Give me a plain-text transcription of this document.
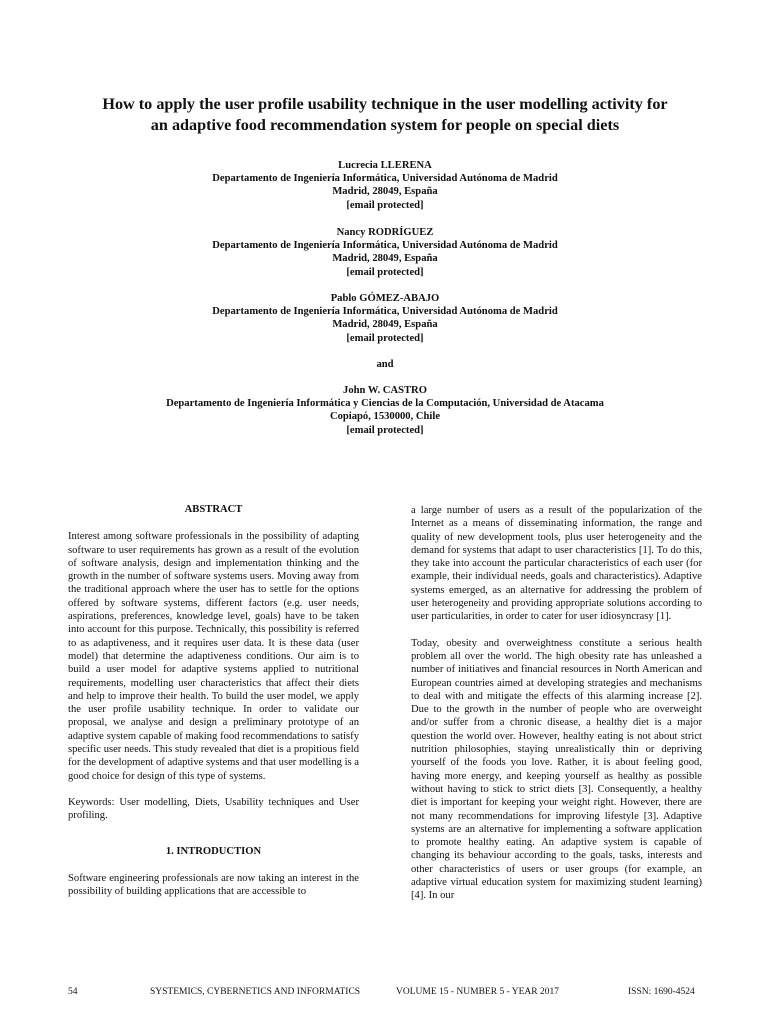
How to apply the user profile usability technique in the user modelling activity for
an adaptive food recommendation system for people on special diets
Lucrecia LLERENA
Departamento de Ingeniería Informática, Universidad Autónoma de Madrid
Madrid, 28049, España
[email protected]
Nancy RODRÍGUEZ
Departamento de Ingeniería Informática, Universidad Autónoma de Madrid
Madrid, 28049, España
[email protected]
Pablo GÓMEZ-ABAJO
Departamento de Ingeniería Informática, Universidad Autónoma de Madrid
Madrid, 28049, España
[email protected]
and
John W. CASTRO
Departamento de Ingeniería Informática y Ciencias de la Computación, Universidad de Atacama
Copiapó, 1530000, Chile
[email protected]
ABSTRACT

Interest among software professionals in the possibility of adapting software to user requirements has grown as a result of the evolution of software analysis, design and implementation thinking and the growth in the number of software systems users. Moving away from the traditional approach where the user has to settle for the options offered by software systems, different factors (e.g. user needs, aspirations, preferences, knowledge level, goals) have to be taken into account for this purpose. Technically, this possibility is referred to as adaptiveness, and it requires user data. It is these data (user model) that determine the adaptiveness conditions. Our aim is to build a user model for adaptive systems applied to nutritional requirements, modelling user characteristics that affect their diets and help to improve their health. To build the user model, we apply the user profile usability technique. In order to validate our proposal, we analyse and design a preliminary prototype of an adaptive system capable of making food recommendations to satisfy specific user needs. This study revealed that diet is a propitious field for the development of adaptive systems and that user modelling is a good choice for design of this type of systems.

Keywords: User modelling, Diets, Usability techniques and User profiling.

1. INTRODUCTION

Software engineering professionals are now taking an interest in the possibility of building applications that are accessible to

a large number of users as a result of the popularization of the Internet as a means of disseminating information, the range and quality of new development tools, plus user heterogeneity and the demand for systems that adapt to user characteristics [1]. To do this, they take into account the particular characteristics of each user (for example, their individual needs, goals and characteristics). Adaptive systems emerged, as an alternative for addressing the problem of user heterogeneity and providing appropriate solutions according to user particularities, in order to cater for user idiosyncrasy [1].

Today, obesity and overweightness constitute a serious health problem all over the world. The high obesity rate has unleashed a number of initiatives and financial resources in North American and European countries aimed at developing strategies and mechanisms to deal with and mitigate the effects of this alarming increase [2]. Due to the growth in the number of people who are overweight and/or suffer from a chronic disease, a healthy diet is a major question the world over. However, healthy eating is not about strict nutrition philosophies, staying unrealistically thin or depriving yourself of the foods you love. Rather, it is about feeling good, having more energy, and keeping yourself as healthy as possible without having to stick to strict diets [3]. Consequently, a healthy diet is important for keeping your weight right. However, there are not many recommendations for improving lifestyle [3]. Adaptive systems are an alternative for implementing a software application to promote healthy eating. An adaptive system is capable of changing its behaviour according to the goals, tasks, interests and other characteristics of users or user groups (for example, an adaptive virtual education system for maximizing student learning) [4]. In our

54	SYSTEMICS, CYBERNETICS AND INFORMATICS	VOLUME 15 - NUMBER 5 - YEAR 2017	ISSN: 1690-4524
